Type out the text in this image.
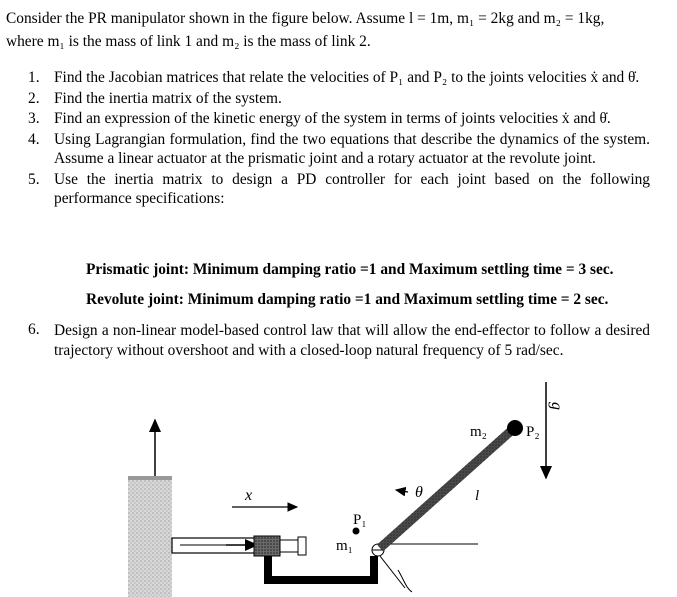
Consider the PR manipulator shown in the figure below. Assume l = 1m, m₁ = 2kg and m₂ = 1kg,

where m₁ is the mass of link 1 and m₂ is the mass of link 2.

1. Find the Jacobian matrices that relate the velocities of P₁ and P₂ to the joints velocities ẋ and θ̇.
2. Find the inertia matrix of the system.
3. Find an expression of the kinetic energy of the system in terms of joints velocities ẋ and θ̇.
4. Using Lagrangian formulation, find the two equations that describe the dynamics of the system. Assume a linear actuator at the prismatic joint and a rotary actuator at the revolute joint.
5. Use the inertia matrix to design a PD controller for each joint based on the following performance specifications:
Prismatic joint: Minimum damping ratio =1 and Maximum settling time = 3 sec.
Revolute joint: Minimum damping ratio =1 and Maximum settling time = 2 sec.
6. Design a non-linear model-based control law that will allow the end-effector to follow a desired trajectory without overshoot and with a closed-loop natural frequency of 5 rad/sec.
x
P₁
m₁
θ	l
m₂	P₂
g
